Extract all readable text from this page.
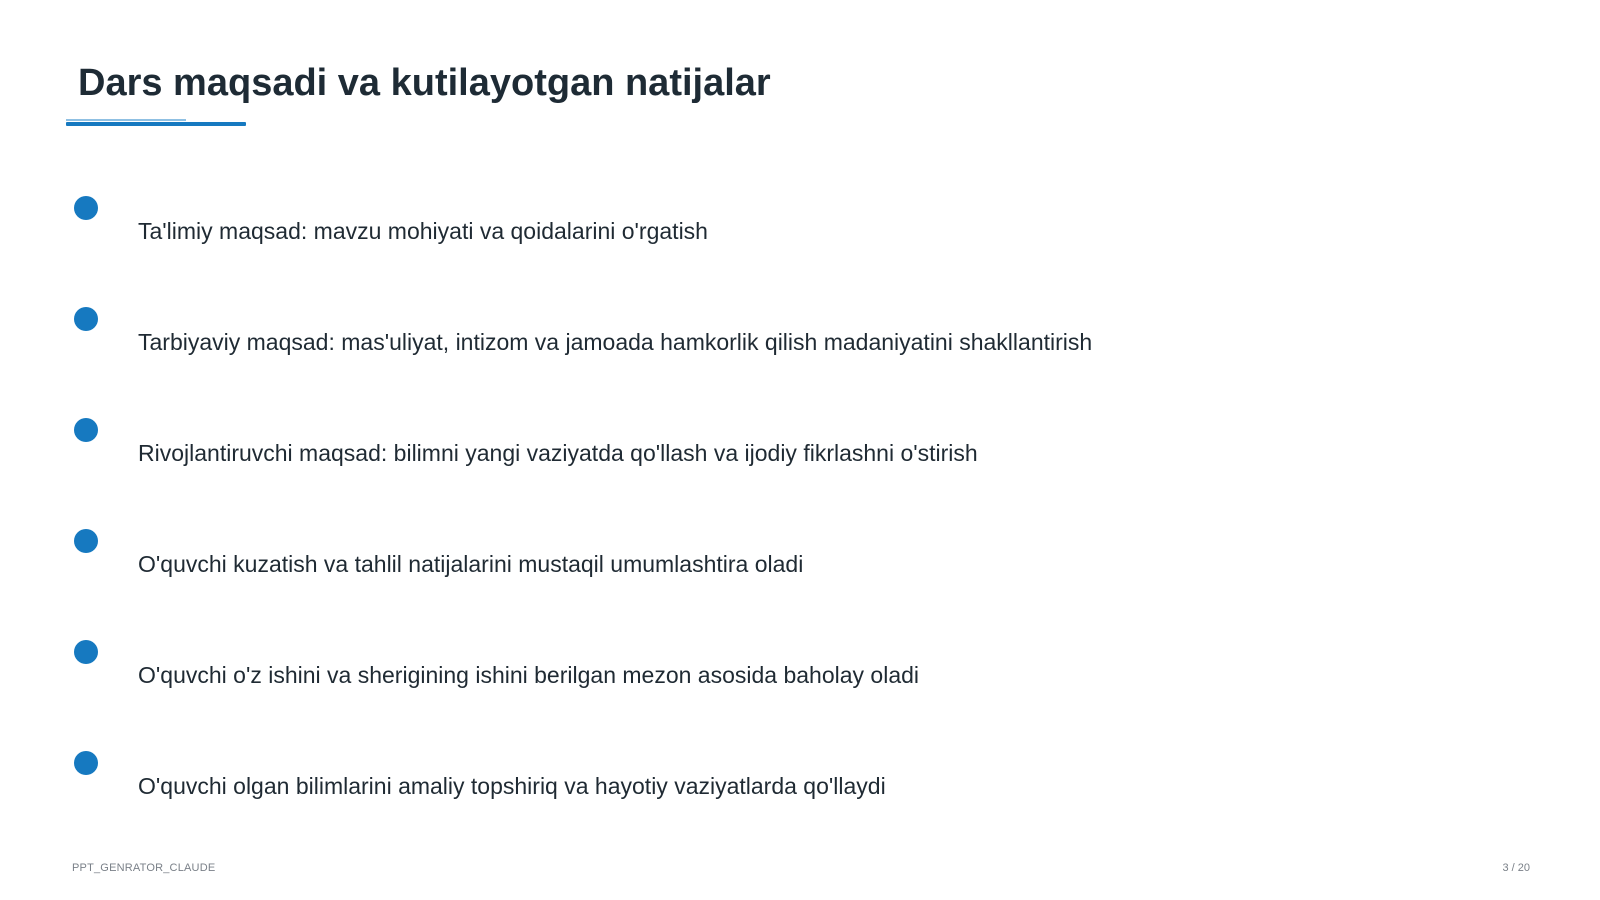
Dars maqsadi va kutilayotgan natijalar
Ta'limiy maqsad: mavzu mohiyati va qoidalarini o'rgatish
Tarbiyaviy maqsad: mas'uliyat, intizom va jamoada hamkorlik qilish madaniyatini shakllantirish
Rivojlantiruvchi maqsad: bilimni yangi vaziyatda qo'llash va ijodiy fikrlashni o'stirish
O'quvchi kuzatish va tahlil natijalarini mustaqil umumlashtira oladi
O'quvchi o'z ishini va sherigining ishini berilgan mezon asosida baholay oladi
O'quvchi olgan bilimlarini amaliy topshiriq va hayotiy vaziyatlarda qo'llaydi
PPT_GENRATOR_CLAUDE	3 / 20
